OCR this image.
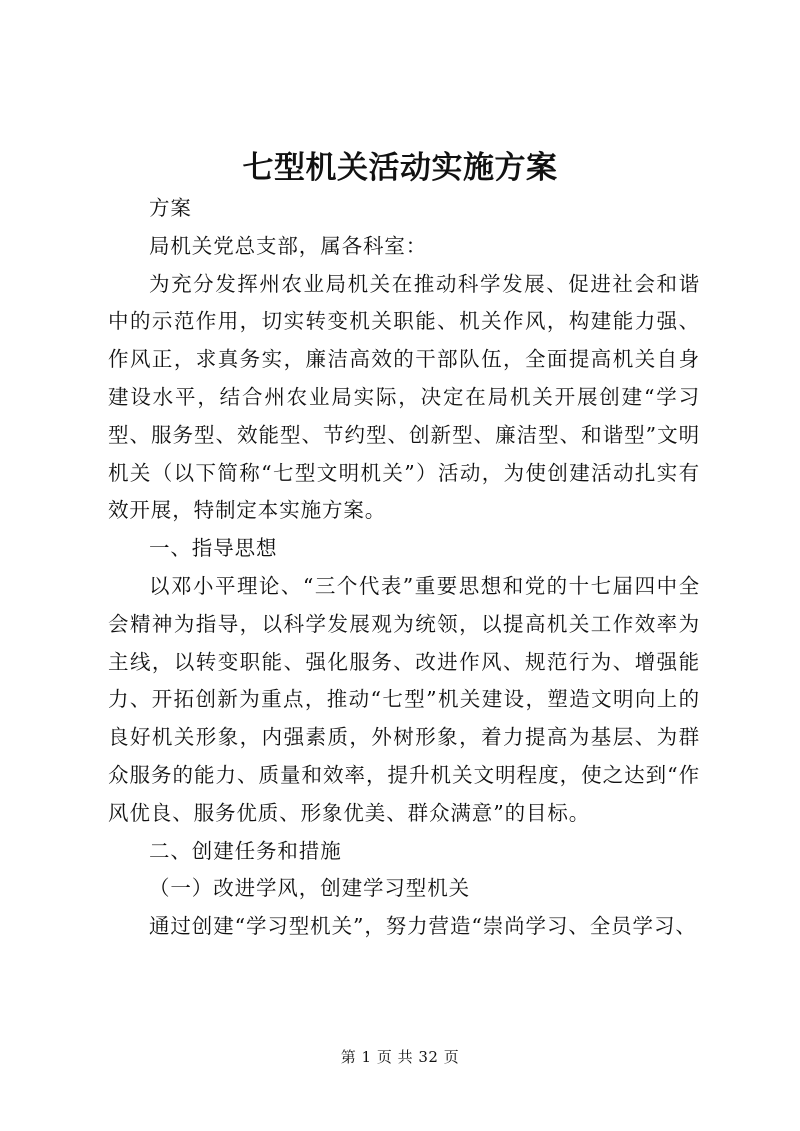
七型机关活动实施方案

方案

局机关党总支部，属各科室：

为充分发挥州农业局机关在推动科学发展、促进社会和谐中的示范作用，切实转变机关职能、机关作风，构建能力强、作风正，求真务实，廉洁高效的干部队伍，全面提高机关自身建设水平，结合州农业局实际，决定在局机关开展创建“学习型、服务型、效能型、节约型、创新型、廉洁型、和谐型”文明机关（以下简称“七型文明机关”）活动，为使创建活动扎实有效开展，特制定本实施方案。

一、指导思想

以邓小平理论、“三个代表”重要思想和党的十七届四中全会精神为指导，以科学发展观为统领，以提高机关工作效率为主线，以转变职能、强化服务、改进作风、规范行为、增强能力、开拓创新为重点，推动“七型”机关建设，塑造文明向上的良好机关形象，内强素质，外树形象，着力提高为基层、为群众服务的能力、质量和效率，提升机关文明程度，使之达到“作风优良、服务优质、形象优美、群众满意”的目标。

二、创建任务和措施

（一）改进学风，创建学习型机关

通过创建“学习型机关”，努力营造“崇尚学习、全员学习、

第 1 页 共 32 页
